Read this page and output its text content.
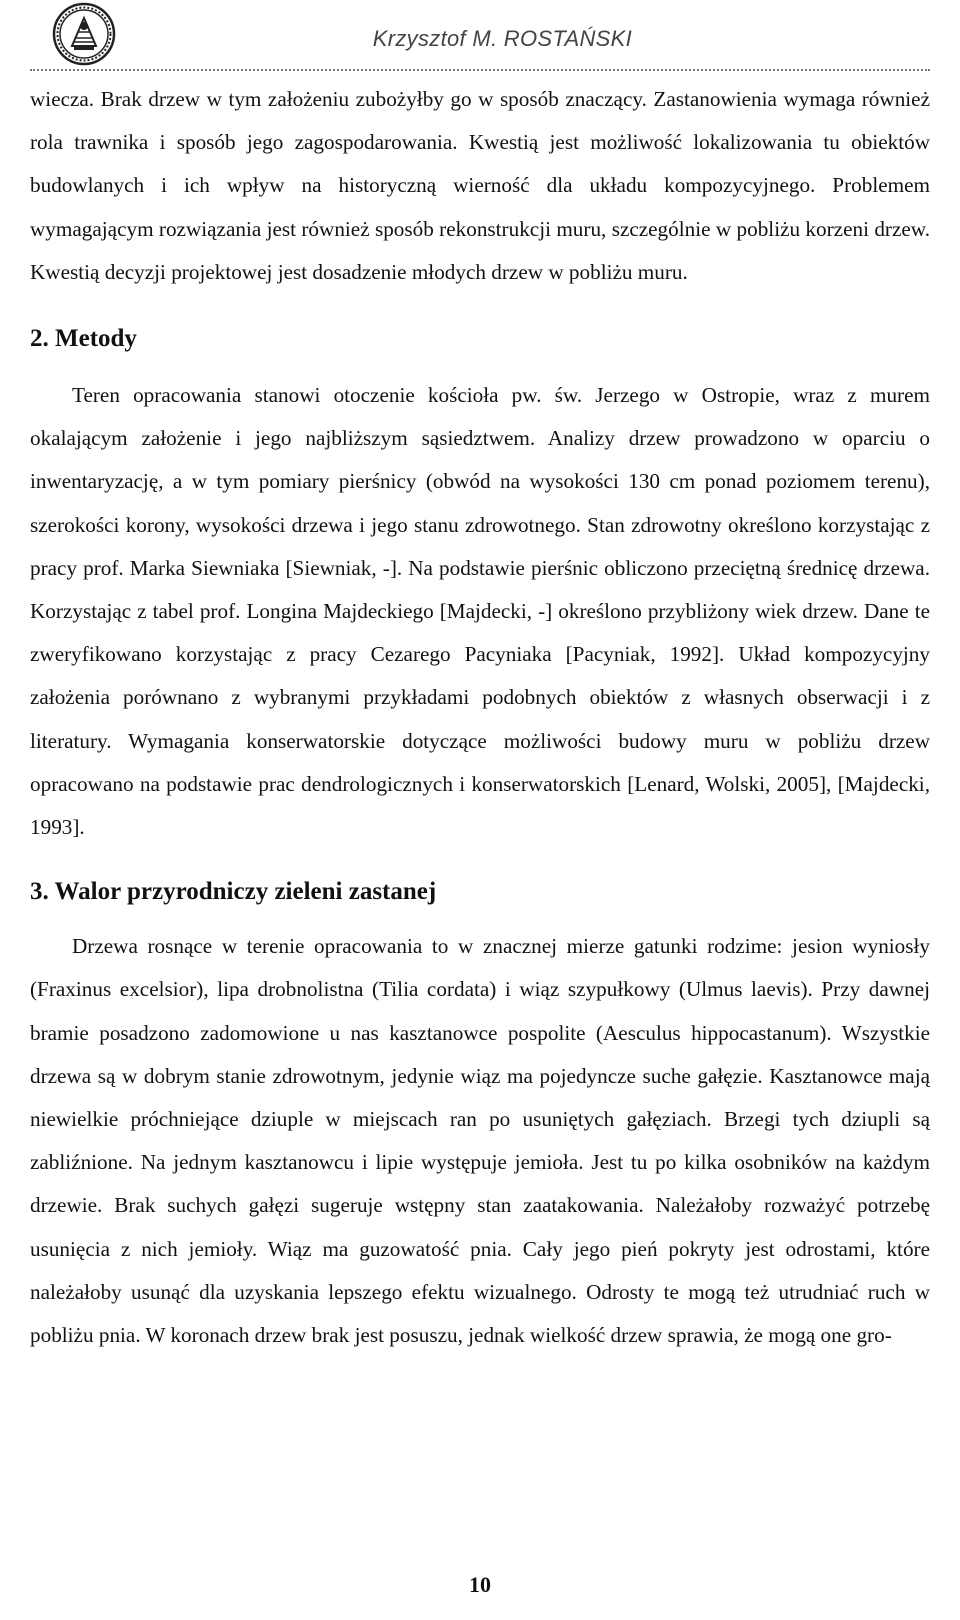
Krzysztof M. ROSTAŃSKI

wiecza. Brak drzew w tym założeniu zubożyłby go w sposób znaczący. Zastanowienia wymaga również rola trawnika i sposób jego zagospodarowania. Kwestią jest możliwość lokalizowania tu obiektów budowlanych i ich wpływ na historyczną wierność dla układu kompozycyjnego. Problemem wymagającym rozwiązania jest również sposób rekonstrukcji muru, szczególnie w pobliżu korzeni drzew. Kwestią decyzji projektowej jest dosadzenie młodych drzew w pobliżu muru.

2. Metody

Teren opracowania stanowi otoczenie kościoła pw. św. Jerzego w Ostropie, wraz z murem okalającym założenie i jego najbliższym sąsiedztwem. Analizy drzew prowadzono w oparciu o inwentaryzację, a w tym pomiary pierśnicy (obwód na wysokości 130 cm ponad poziomem terenu), szerokości korony, wysokości drzewa i jego stanu zdrowotnego. Stan zdrowotny określono korzystając z pracy prof. Marka Siewniaka [Siewniak, -]. Na podstawie pierśnic obliczono przeciętną średnicę drzewa. Korzystając z tabel prof. Longina Majdeckiego [Majdecki, -] określono przybliżony wiek drzew. Dane te zweryfikowano korzystając z pracy Cezarego Pacyniaka [Pacyniak, 1992]. Układ kompozycyjny założenia porównano z wybranymi przykładami podobnych obiektów z własnych obserwacji i z literatury. Wymagania konserwatorskie dotyczące możliwości budowy muru w pobliżu drzew opracowano na podstawie prac dendrologicznych i konserwatorskich [Lenard, Wolski, 2005], [Majdecki, 1993].

3. Walor przyrodniczy zieleni zastanej

Drzewa rosnące w terenie opracowania to w znacznej mierze gatunki rodzime: jesion wyniosły (Fraxinus excelsior), lipa drobnolistna (Tilia cordata) i wiąz szypułkowy (Ulmus laevis). Przy dawnej bramie posadzono zadomowione u nas kasztanowce pospolite (Aesculus hippocastanum). Wszystkie drzewa są w dobrym stanie zdrowotnym, jedynie wiąz ma pojedyncze suche gałęzie. Kasztanowce mają niewielkie próchniejące dziuple w miejscach ran po usuniętych gałęziach. Brzegi tych dziupli są zabliźnione. Na jednym kasztanowcu i lipie występuje jemioła. Jest tu po kilka osobników na każdym drzewie. Brak suchych gałęzi sugeruje wstępny stan zaatakowania. Należałoby rozważyć potrzebę usunięcia z nich jemioły. Wiąz ma guzowatość pnia. Cały jego pień pokryty jest odrostami, które należałoby usunąć dla uzyskania lepszego efektu wizualnego. Odrosty te mogą też utrudniać ruch w pobliżu pnia. W koronach drzew brak jest posuszu, jednak wielkość drzew sprawia, że mogą one gro-

10
